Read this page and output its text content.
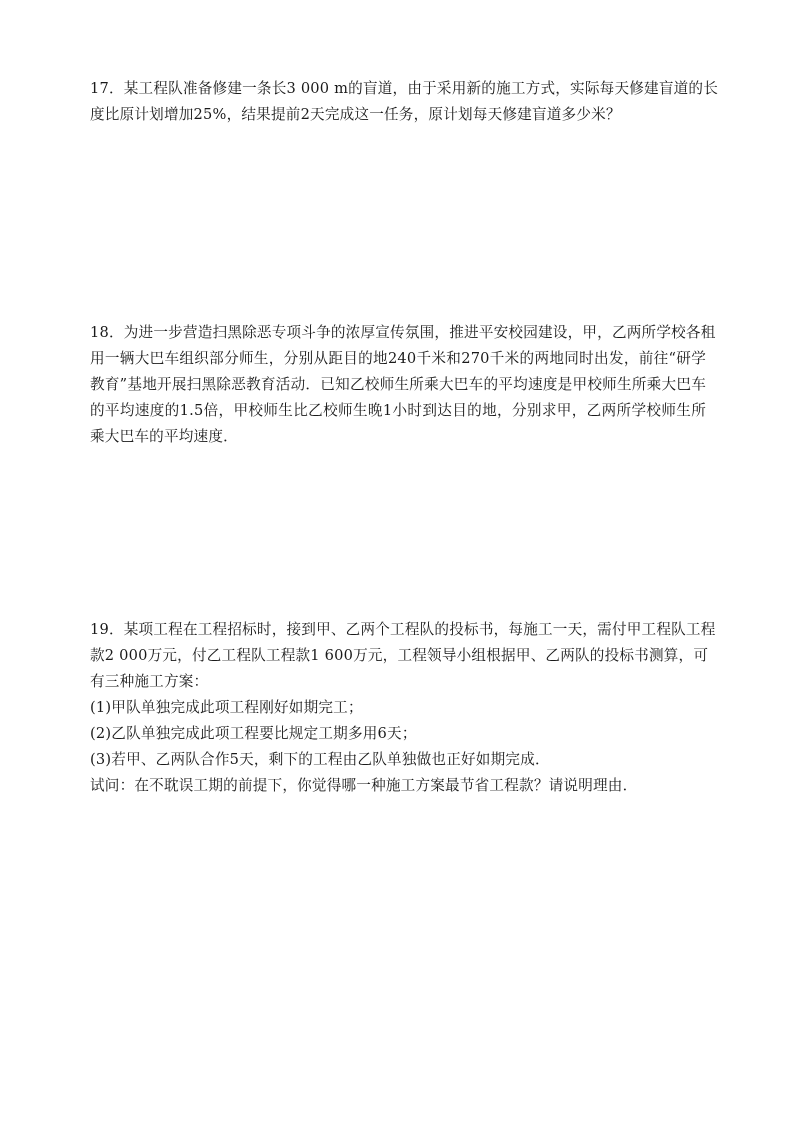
17．某工程队准备修建一条长3 000 m的盲道，由于采用新的施工方式，实际每天修建盲道的长
度比原计划增加25%，结果提前2天完成这一任务，原计划每天修建盲道多少米？
18．为进一步营造扫黑除恶专项斗争的浓厚宣传氛围，推进平安校园建设，甲，乙两所学校各租
用一辆大巴车组织部分师生，分别从距目的地240千米和270千米的两地同时出发，前往“研学
教育”基地开展扫黑除恶教育活动．已知乙校师生所乘大巴车的平均速度是甲校师生所乘大巴车
的平均速度的1.5倍，甲校师生比乙校师生晚1小时到达目的地，分别求甲，乙两所学校师生所
乘大巴车的平均速度．
19．某项工程在工程招标时，接到甲、乙两个工程队的投标书，每施工一天，需付甲工程队工程
款2 000万元，付乙工程队工程款1 600万元，工程领导小组根据甲、乙两队的投标书测算，可
有三种施工方案：
(1)甲队单独完成此项工程刚好如期完工；
(2)乙队单独完成此项工程要比规定工期多用6天；
(3)若甲、乙两队合作5天，剩下的工程由乙队单独做也正好如期完成．
试问：在不耽误工期的前提下，你觉得哪一种施工方案最节省工程款？请说明理由．
